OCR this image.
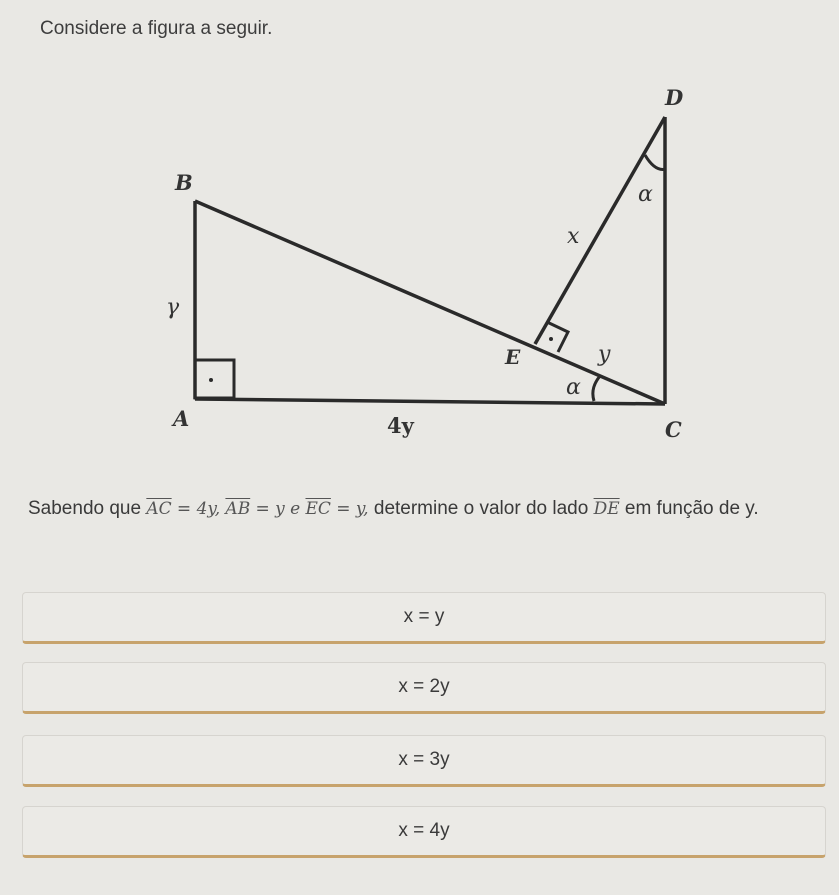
Considere a figura a seguir.
D
B
A	C
E
γ
α
α
x
y
4y
Sabendo que $\overline{AC} = 4y$, $\overline{AB} = y$ e $\overline{EC} = y$, determine o valor do lado $\overline{DE}$ em função de y.
x = y
x = 2y
x = 3y
x = 4y
